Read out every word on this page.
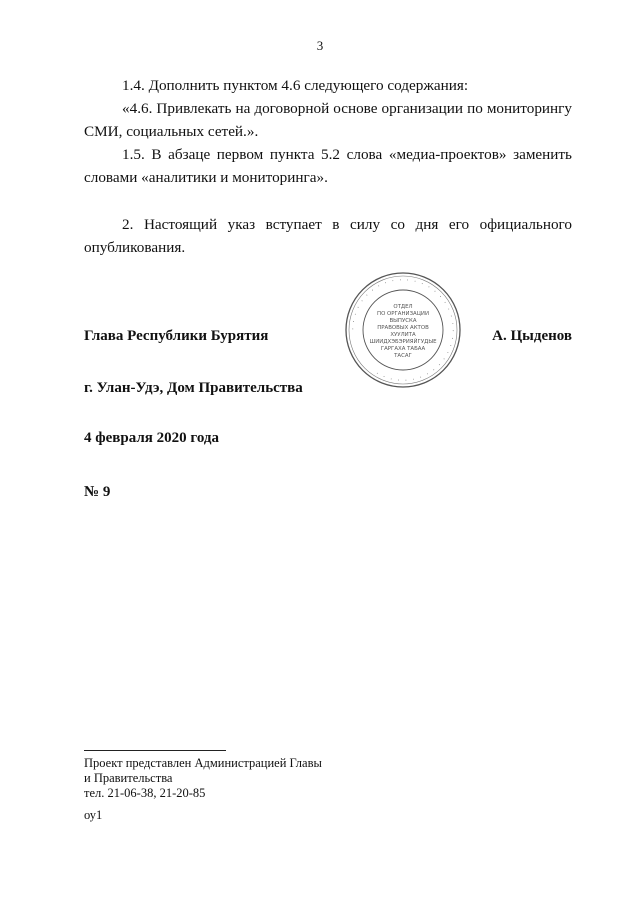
3

1.4. Дополнить пунктом 4.6 следующего содержания:

«4.6. Привлекать на договорной основе организации по мониторингу СМИ, социальных сетей.».

1.5. В абзаце первом пункта 5.2 слова «медиа-проектов» заменить словами «аналитики и мониторинга».

2. Настоящий указ вступает в силу со дня его официального опубликования.

Глава Республики Бурятия	А. Цыденов
· · · · · · · · · · · · · · · · · · · · · · · · · · · · · · · · · · · ·
ОТДЕЛ
ПО ОРГАНИЗАЦИИ
ВЫПУСКА
ПРАВОВЫХ АКТОВ
ХУУЛИТА
ШИИДХЭБЭРИЯЙГУДЫЕ
ГАРГАХА ТАБАА
ТАСАГ
г. Улан-Удэ, Дом Правительства
4 февраля 2020 года
№ 9
Проект представлен Администрацией Главы
и Правительства
тел. 21-06-38, 21-20-85
оу1
